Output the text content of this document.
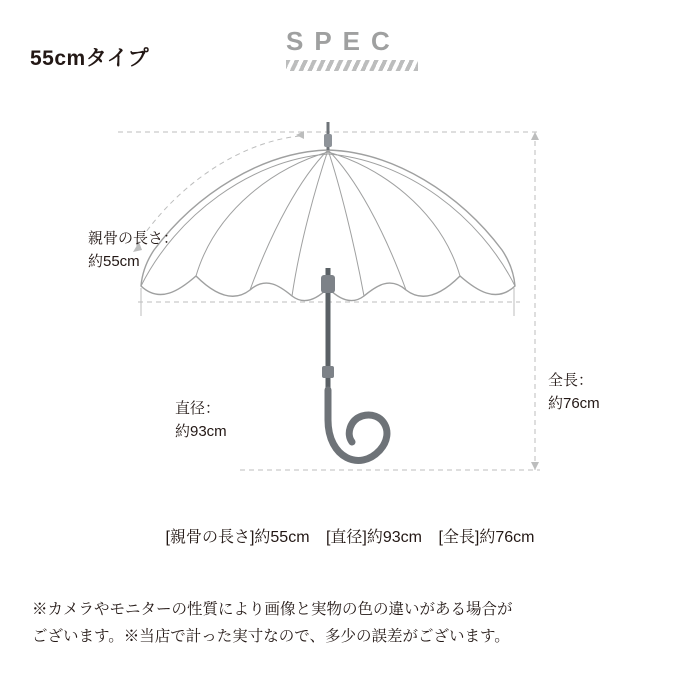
55cmタイプ
SPEC
親骨の長さ：
約55cm
直径：
約93cm
全長：
約76cm
[親骨の長さ]約55cm [直径]約93cm [全長]約76cm
※カメラやモニターの性質により画像と実物の色の違いがある場合が
ございます。※当店で計った実寸なので、多少の誤差がございます。
